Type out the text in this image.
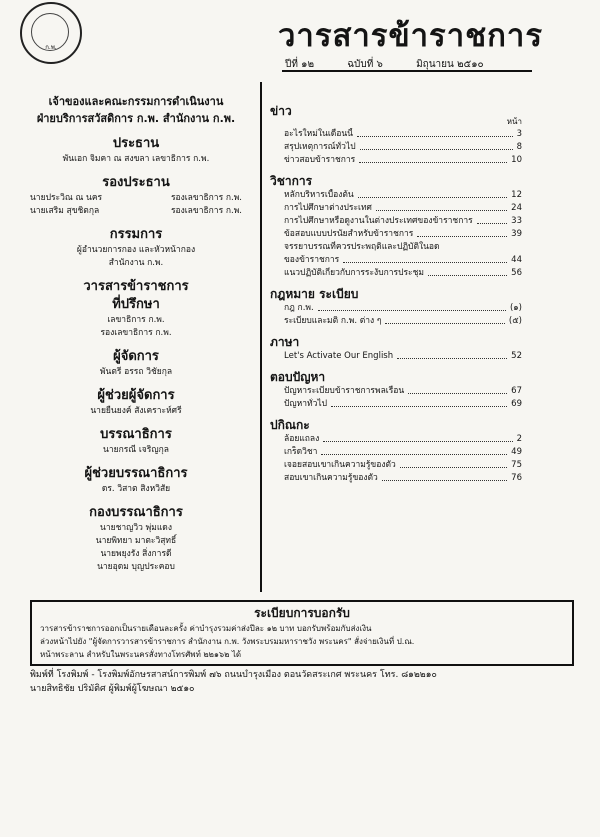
ก.พ.	วารสารข้าราชการ
ปีที่ ๑๒	ฉบับที่ ๖	มิถุนายน ๒๕๑๐
เจ้าของและคณะกรรมการดำเนินงาน
ฝ่ายบริการสวัสดิการ ก.พ. สำนักงาน ก.พ.
ประธาน
พันเอก จิมคา ณ สงขลา เลขาธิการ ก.พ.
รองประธาน
นายประวิณ ณ นคร	รองเลขาธิการ ก.พ.
นายเสริม สุขชิตกุล	รองเลขาธิการ ก.พ.
กรรมการ
ผู้อำนวยการกอง และหัวหน้ากอง
สำนักงาน ก.พ.
วารสารข้าราชการ
ที่ปรึกษา
เลขาธิการ ก.พ.
รองเลขาธิการ ก.พ.
ผู้จัดการ
พันตรี อรรถ วิชัยกุล
ผู้ช่วยผู้จัดการ
นายยืนยงค์ สังเคราะห์ศรี
บรรณาธิการ
นายกรณี เจริญกุล
ผู้ช่วยบรรณาธิการ
ดร. วิสาต สิงหวิสัย
กองบรรณาธิการ
นายชาญวิว พุ่มแดง
นายพิทยา มาตะวิสุทธิ์
นายพยุงรัง สิ่งการดี
นายอุดม บุญประคอบ
ข่าว
หน้า
อะไรใหม่ในเดือนนี้	3
สรุปเหตุการณ์ทั่วไป	8
ข่าวสอบข้าราชการ	10
วิชาการ
หลักบริหารเบื้องต้น	12
การไปศึกษาต่างประเทศ	24
การไปศึกษาหรือดูงานในต่างประเทศของข้าราชการ	33
ข้อสอบแบบปรนัยสำหรับข้าราชการ	39
จรรยาบรรณที่ควรประพฤติและปฏิบัติในอด
ของข้าราชการ	44
แนวปฏิบัติเกี่ยวกับการระงับการประชุม	56
กฎหมาย ระเบียบ
กฎ ก.พ.	(๑)
ระเบียบและมติ ก.พ. ต่าง ๆ	(๕)
ภาษา
Let's Activate Our English	52
ตอบปัญหา
ปัญหาระเบียบข้าราชการพลเรือน	67
ปัญหาทั่วไป	69
ปกิณกะ
ล้อยแถลง	2
เกร็ดวิชา	49
เจอยสอบเขาเกินความรู้ของตัว	75
สอบเขาเกินความรู้ของตัว	76
ระเบียบการบอกรับ
วารสารข้าราชการออกเป็นรายเดือนละครั้ง ค่าบำรุงรวมค่าส่งปีละ ๑๒ บาท บอกรับพร้อมกับส่งเงิน
ล่วงหน้าไปยัง "ผู้จัดการวารสารข้าราชการ สำนักงาน ก.พ. วังพระบรมมหาราชวัง พระนคร" สั่งจ่ายเงินที่ ป.ณ.
หน้าพระลาน สำหรับในพระนครสั่งทางโทรศัพท์ ๒๒๑๖๒ ได้
พิมพ์ที่ โรงพิมพ์ - โรงพิมพ์อักษรสาสน์การพิมพ์ ๗๖ ถนนบำรุงเมือง ตอนวัดสระเกศ พระนคร โทร. ๘๑๒๒๑๐
นายสิทธิชัย ปริมัติศ ผู้พิมพ์ผู้โฆษณา ๒๕๑๐
